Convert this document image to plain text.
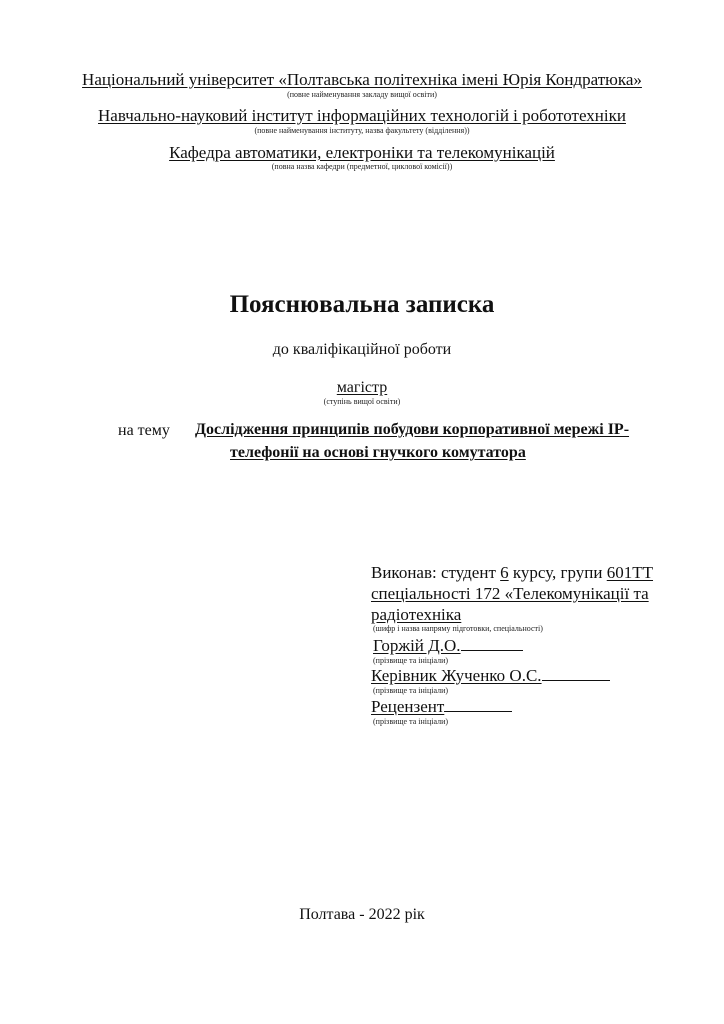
Національний університет «Полтавська політехніка імені Юрія Кондратюка»
(повне найменування закладу вищої освіти)
Навчально-науковий інститут інформаційних технологій і робототехніки
(повне найменування інституту, назва факультету (відділення))
Кафедра автоматики, електроніки та телекомунікацій
(повна назва кафедри (предметної, циклової комісії))
Пояснювальна записка
до кваліфікаційної роботи
магістр
(ступінь вищої освіти)
на тему Дослідження принципів побудови корпоративної мережі IP-
телефонії на основі гнучкого комутатора
Виконав: студент 6 курсу, групи 601ТТ
спеціальності 172 «Телекомунікації та
радіотехніка
(шифр і назва напряму підготовки, спеціальності)
Горжій Д.О.
(прізвище та ініціали)
Керівник Жученко О.С.
(прізвище та ініціали)
Рецензент
(прізвище та ініціали)
Полтава - 2022 рік
